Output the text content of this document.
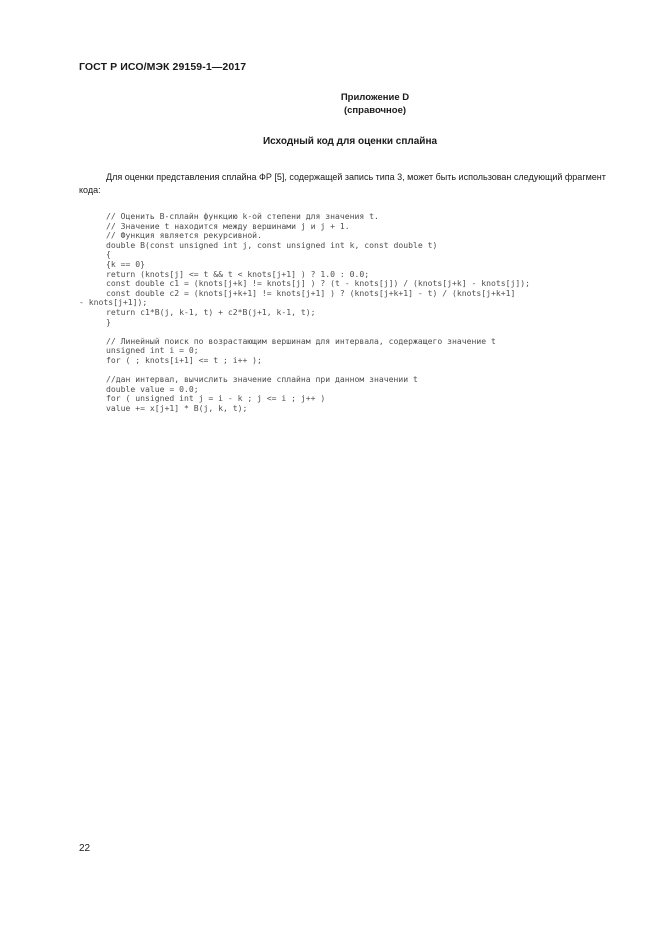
ГОСТ Р ИСО/МЭК 29159-1—2017
Приложение D
(справочное)
Исходный код для оценки сплайна

Для оценки представления сплайна ФР [5], содержащей запись типа 3, может быть использован следующий фрагмент кода:

// Оценить B-сплайн функцию k-ой степени для значения t.
// Значение t находится между вершинами j и j + 1.
// Функция является рекурсивной.
double B(const unsigned int j, const unsigned int k, const double t)
{
{k == 0}
return (knots[j] <= t && t < knots[j+1] ) ? 1.0 : 0.0;
const double c1 = (knots[j+k] != knots[j] ) ? (t - knots[j]) / (knots[j+k] - knots[j]);
const double c2 = (knots[j+k+1] != knots[j+1] ) ? (knots[j+k+1] - t) / (knots[j+k+1]
- knots[j+1]);
return c1*B(j, k-1, t) + c2*B(j+1, k-1, t);
}
// Линейный поиск по возрастающим вершинам для интервала, содержащего значение t
unsigned int i = 0;
for ( ; knots[i+1] <= t ; i++ );
//дан интервал, вычислить значение сплайна при данном значении t
double value = 0.0;
for ( unsigned int j = i - k ; j <= i ; j++ )
value += x[j+1] * B(j, k, t);
22
